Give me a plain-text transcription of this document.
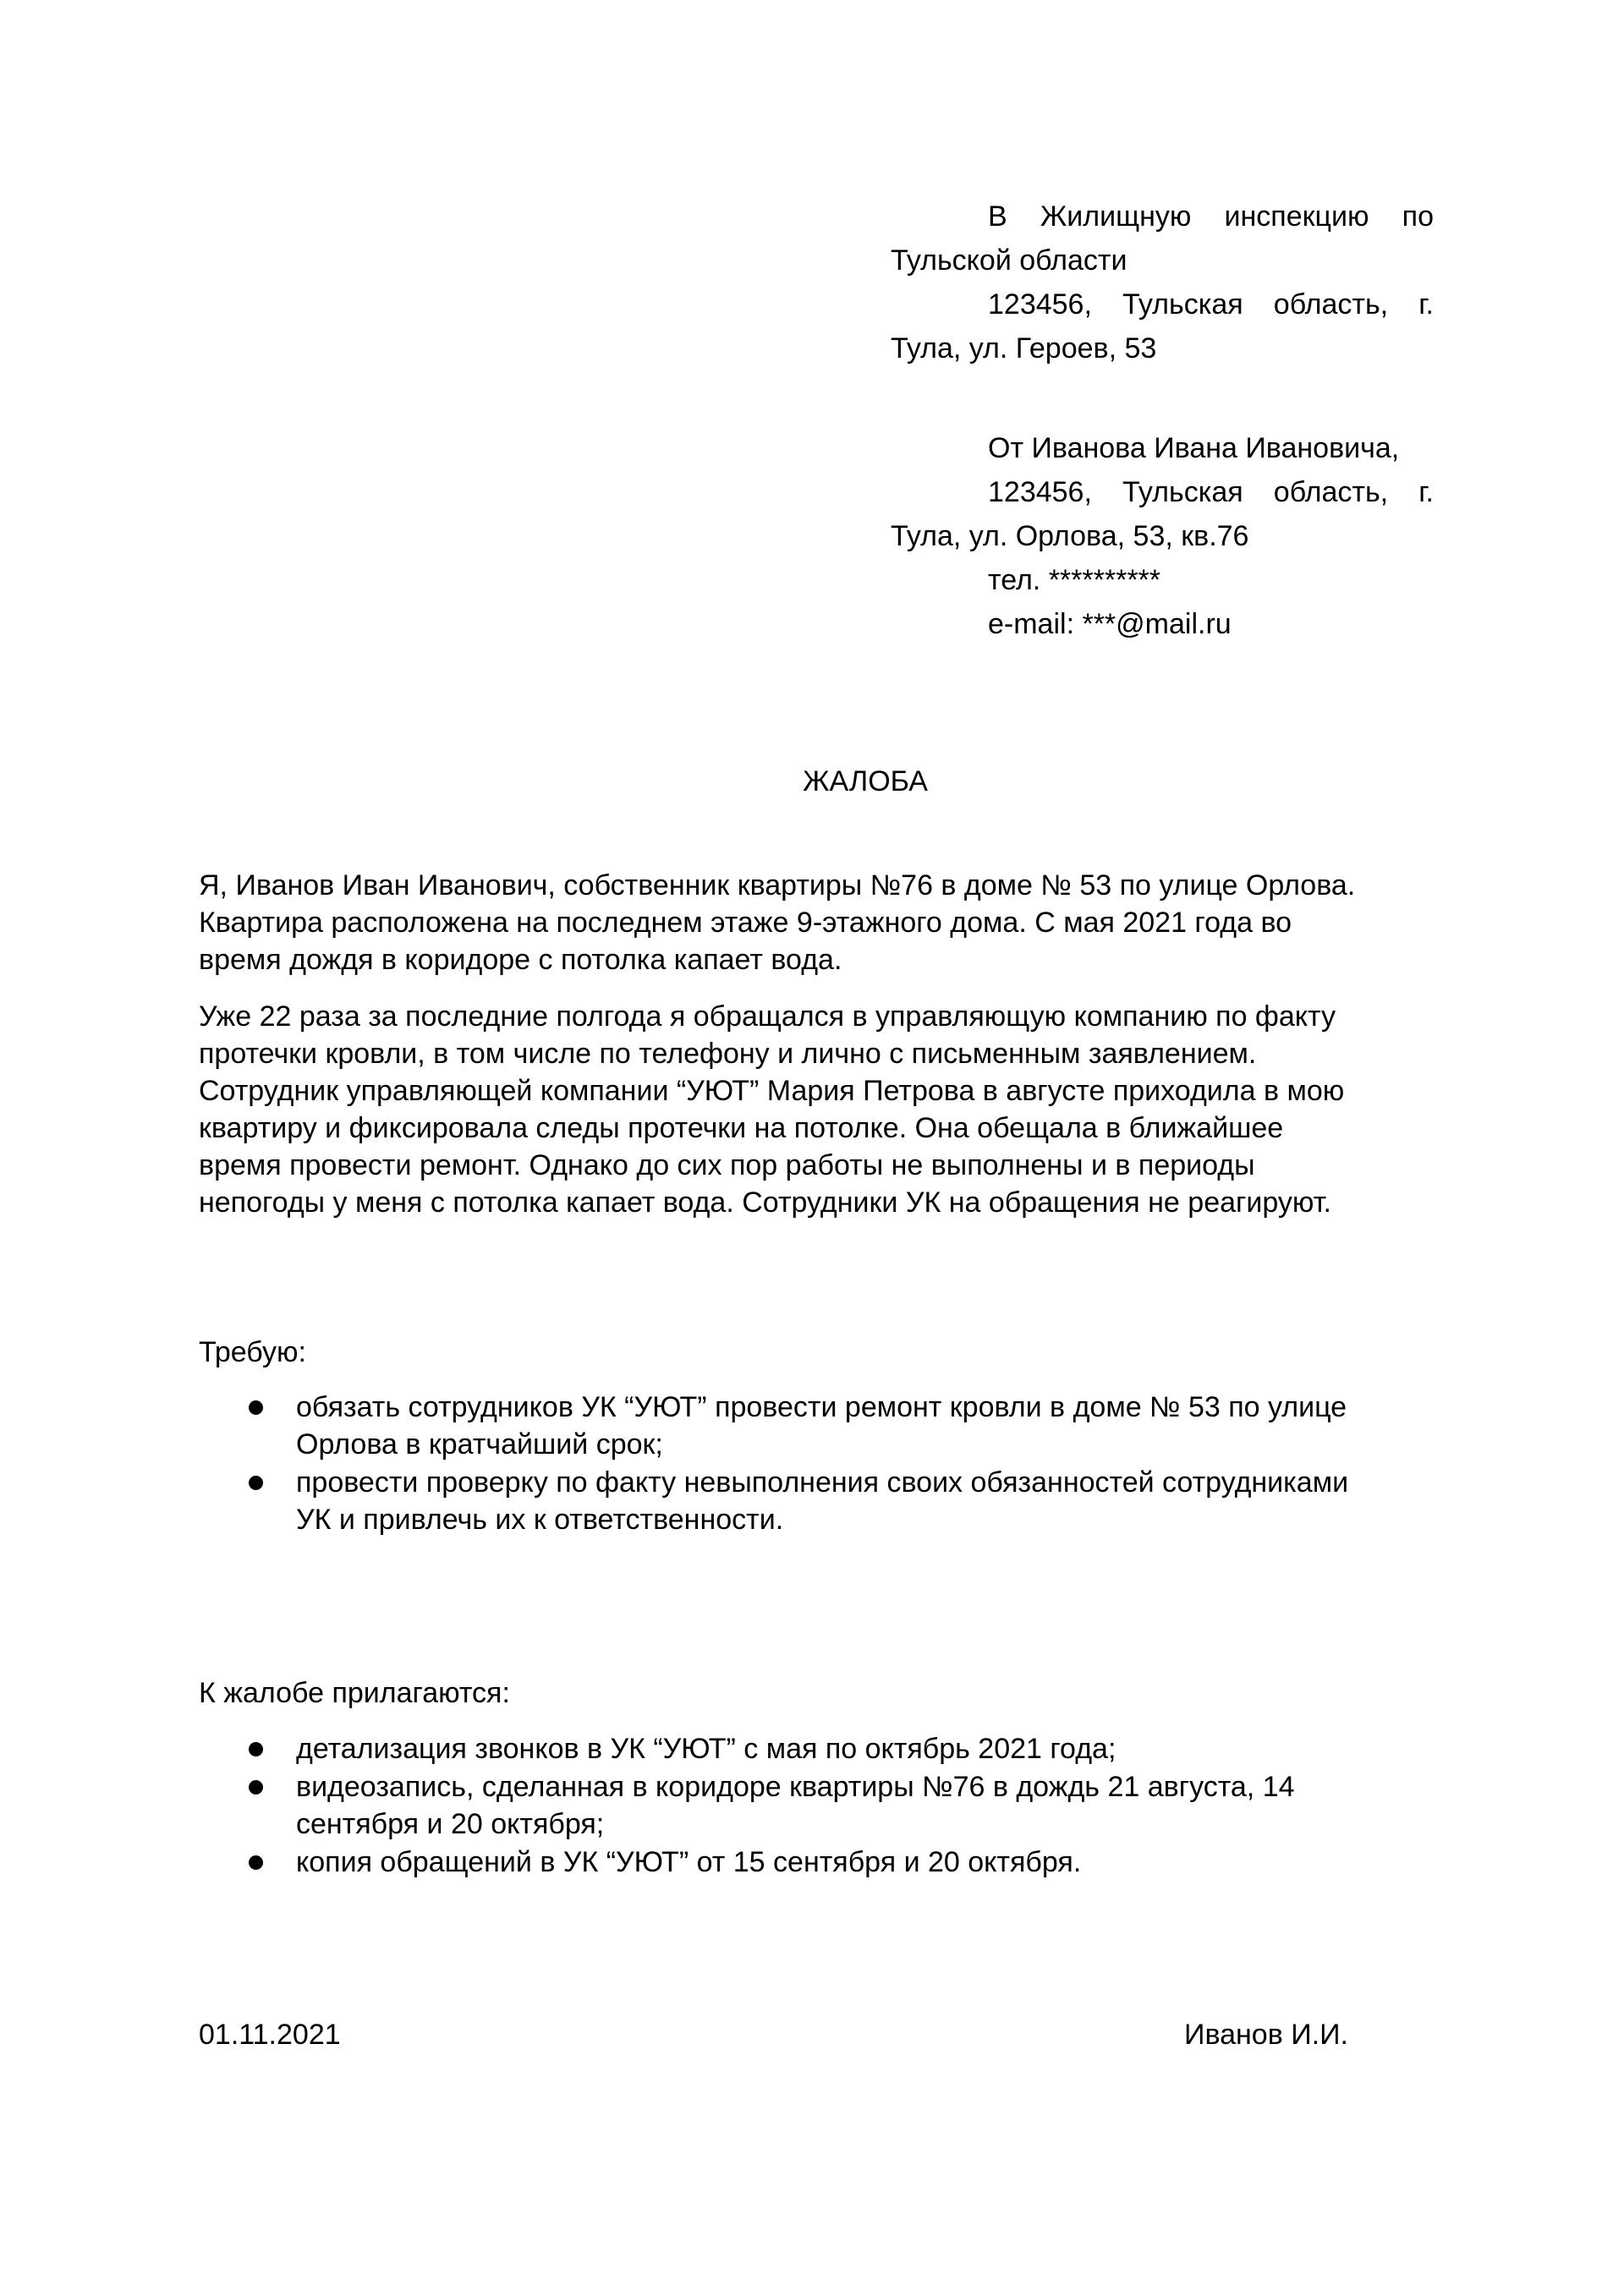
В Жилищную инспекцию по
Тульской области
123456, Тульская область, г.
Тула, ул. Героев, 53
От Иванова Ивана Ивановича,
123456, Тульская область, г.
Тула, ул. Орлова, 53, кв.76
тел. **********
e-mail: ***@mail.ru
ЖАЛОБА
Я, Иванов Иван Иванович, собственник квартиры №76 в доме № 53 по улице Орлова.
Квартира расположена на последнем этаже 9-этажного дома. С мая 2021 года во
время дождя в коридоре с потолка капает вода.
Уже 22 раза за последние полгода я обращался в управляющую компанию по факту
протечки кровли, в том числе по телефону и лично с письменным заявлением.
Сотрудник управляющей компании “УЮТ” Мария Петрова в августе приходила в мою
квартиру и фиксировала следы протечки на потолке. Она обещала в ближайшее
время провести ремонт. Однако до сих пор работы не выполнены и в периоды
непогоды у меня с потолка капает вода. Сотрудники УК на обращения не реагируют.
Требую:
обязать сотрудников УК “УЮТ” провести ремонт кровли в доме № 53 по улице
Орлова в кратчайший срок;
провести проверку по факту невыполнения своих обязанностей сотрудниками
УК и привлечь их к ответственности.
К жалобе прилагаются:
детализация звонков в УК “УЮТ” с мая по октябрь 2021 года;
видеозапись, сделанная в коридоре квартиры №76 в дождь 21 августа, 14
сентября и 20 октября;
копия обращений в УК “УЮТ” от 15 сентября и 20 октября.
01.11.2021	Иванов И.И.
